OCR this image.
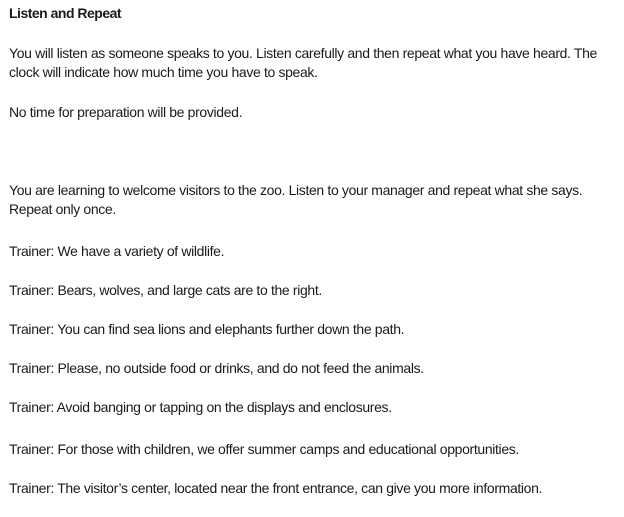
Listen and Repeat
You will listen as someone speaks to you. Listen carefully and then repeat what you have heard. The clock will indicate how much time you have to speak.
No time for preparation will be provided.
You are learning to welcome visitors to the zoo. Listen to your manager and repeat what she says. Repeat only once.
Trainer: We have a variety of wildlife.
Trainer: Bears, wolves, and large cats are to the right.
Trainer: You can find sea lions and elephants further down the path.
Trainer: Please, no outside food or drinks, and do not feed the animals.
Trainer: Avoid banging or tapping on the displays and enclosures.
Trainer: For those with children, we offer summer camps and educational opportunities.
Trainer: The visitor’s center, located near the front entrance, can give you more information.
